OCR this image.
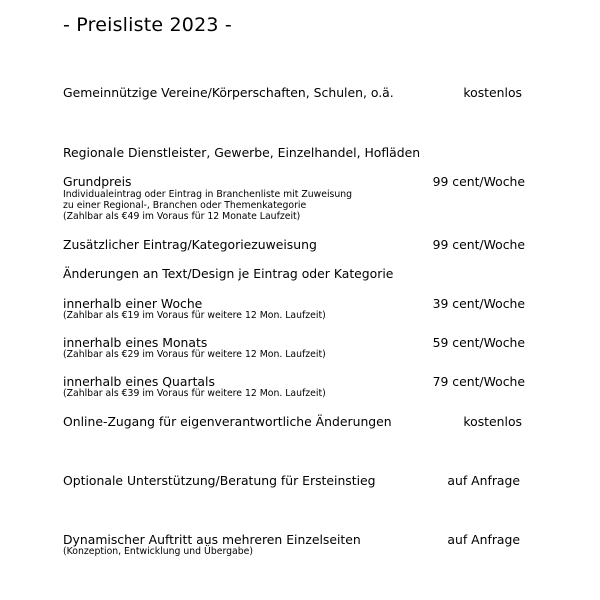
- Preisliste 2023 -
Gemeinnützige Vereine/Körperschaften, Schulen, o.ä.	kostenlos
Regionale Dienstleister, Gewerbe, Einzelhandel, Hofläden
Grundpreis	99 cent/Woche
Individualeintrag oder Eintrag in Branchenliste mit Zuweisung
zu einer Regional-, Branchen oder Themenkategorie
(Zahlbar als €49 im Voraus für 12 Monate Laufzeit)
Zusätzlicher Eintrag/Kategoriezuweisung	99 cent/Woche
Änderungen an Text/Design je Eintrag oder Kategorie
innerhalb einer Woche	39 cent/Woche
(Zahlbar als €19 im Voraus für weitere 12 Mon. Laufzeit)
innerhalb eines Monats	59 cent/Woche
(Zahlbar als €29 im Voraus für weitere 12 Mon. Laufzeit)
innerhalb eines Quartals	79 cent/Woche
(Zahlbar als €39 im Voraus für weitere 12 Mon. Laufzeit)
Online-Zugang für eigenverantwortliche Änderungen	kostenlos
Optionale Unterstützung/Beratung für Ersteinstieg	auf Anfrage
Dynamischer Auftritt aus mehreren Einzelseiten	auf Anfrage
(Konzeption, Entwicklung und Übergabe)
